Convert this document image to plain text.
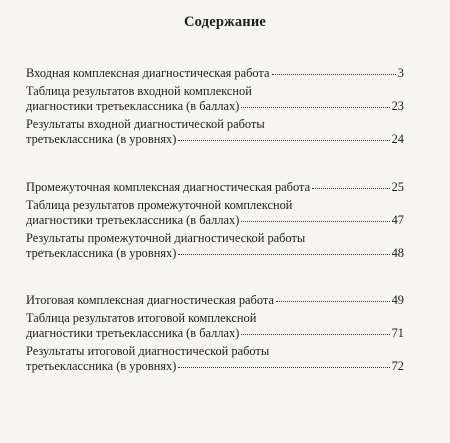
Содержание
Входная комплексная диагностическая работа	3
Таблица результатов входной комплексной
диагностики третьеклассника (в баллах)	23
Результаты входной диагностической работы
третьеклассника (в уровнях)	24
Промежуточная комплексная диагностическая работа	25
Таблица результатов промежуточной комплексной
диагностики третьеклассника (в баллах)	47
Результаты промежуточной диагностической работы
третьеклассника (в уровнях)	48
Итоговая комплексная диагностическая работа	49
Таблица результатов итоговой комплексной
диагностики третьеклассника (в баллах)	71
Результаты итоговой диагностической работы
третьеклассника (в уровнях)	72
